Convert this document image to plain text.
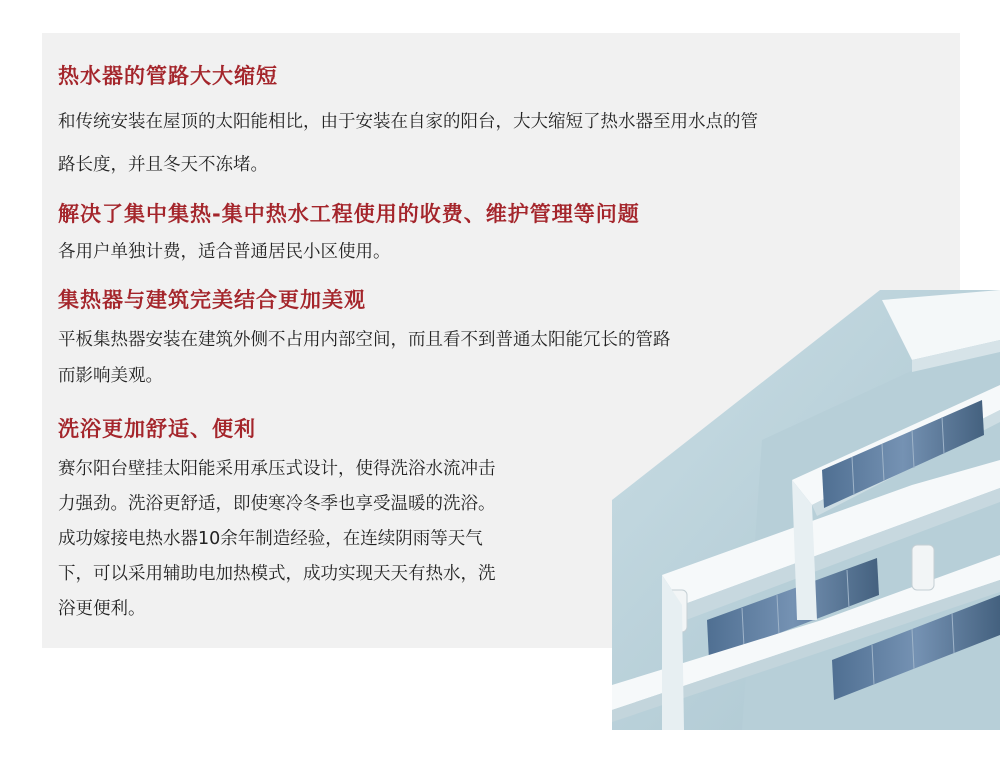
热水器的管路大大缩短
和传统安装在屋顶的太阳能相比，由于安装在自家的阳台，大大缩短了热水器至用水点的管
路长度，并且冬天不冻堵。
解决了集中集热-集中热水工程使用的收费、维护管理等问题
各用户单独计费，适合普通居民小区使用。
集热器与建筑完美结合更加美观
平板集热器安装在建筑外侧不占用内部空间，而且看不到普通太阳能冗长的管路
而影响美观。
洗浴更加舒适、便利
赛尔阳台壁挂太阳能采用承压式设计，使得洗浴水流冲击
力强劲。洗浴更舒适，即使寒冷冬季也享受温暖的洗浴。
成功嫁接电热水器10余年制造经验，在连续阴雨等天气
下，可以采用辅助电加热模式，成功实现天天有热水，洗
浴更便利。
